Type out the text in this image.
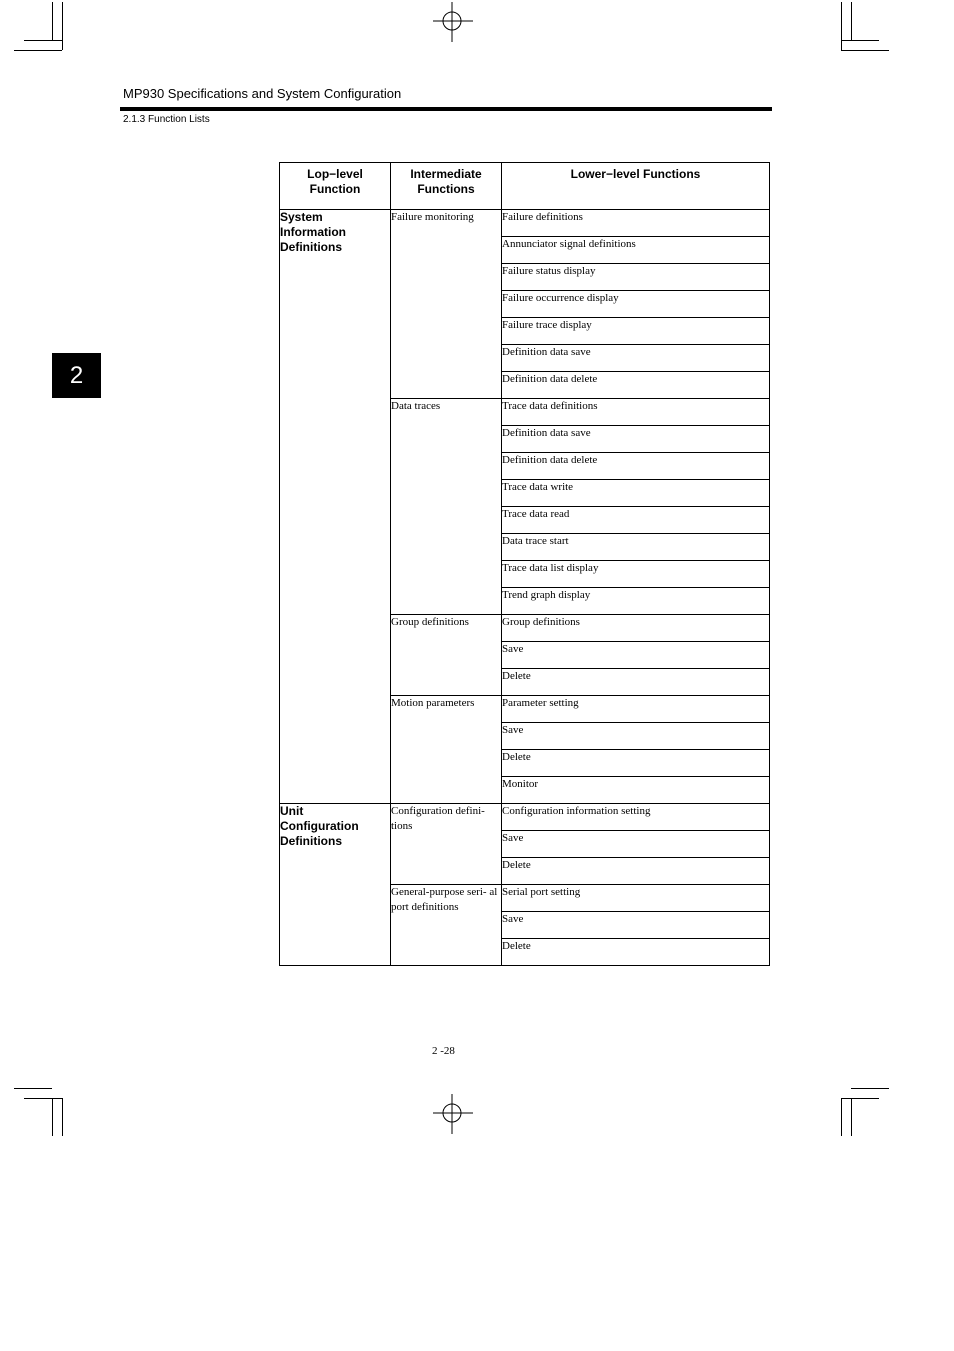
MP930 Specifications and System Configuration
2.1.3 Function Lists
2
Lop−level Function	Intermediate Functions	Lower−level Functions
System Information Definitions	Failure monitoring	Failure definitions
		Annunciator signal definitions
		Failure status display
		Failure occurrence display
		Failure trace display
		Definition data save
		Definition data delete
	Data traces	Trace data definitions
		Definition data save
		Definition data delete
		Trace data write
		Trace data read
		Data trace start
		Trace data list display
		Trend graph display
	Group definitions	Group definitions
		Save
		Delete
	Motion parameters	Parameter setting
		Save
		Delete
		Monitor
Unit Configuration Definitions	Configuration defini- tions	Configuration information setting
		Save
		Delete
	General-purpose seri- al port definitions	Serial port setting
		Save
		Delete
2 -28
